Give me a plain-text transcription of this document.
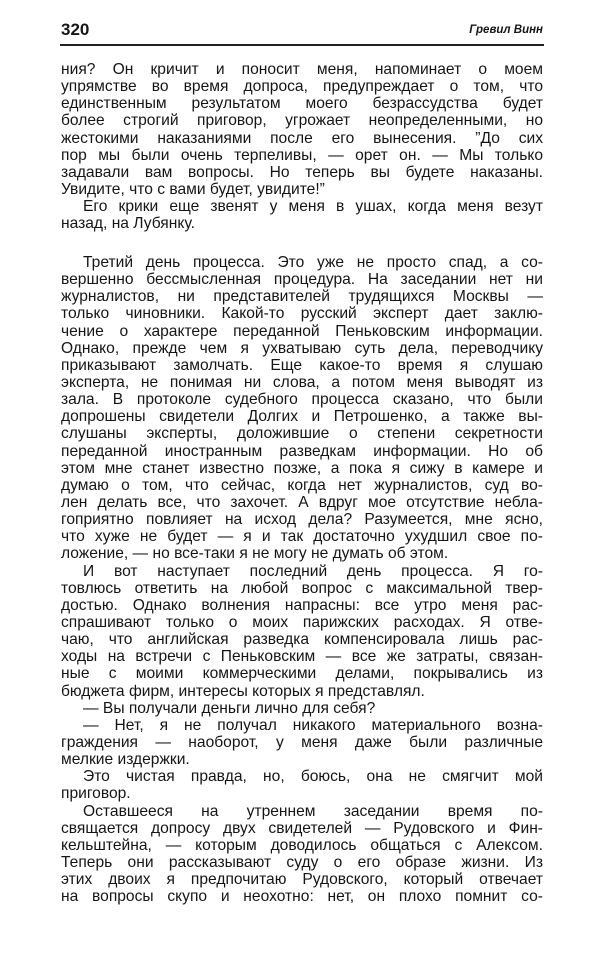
320	Гревил Винн
ния? Он кричит и поносит меня, напоминает о моем
упрямстве во время допроса, предупреждает о том, что
единственным результатом моего безрассудства будет
более строгий приговор, угрожает неопределенными, но
жестокими наказаниями после его вынесения. ”До сих
пор мы были очень терпеливы, — орет он. — Мы только
задавали вам вопросы. Но теперь вы будете наказаны.
Увидите, что с вами будет, увидите!”
Его крики еще звенят у меня в ушах, когда меня везут
назад, на Лубянку.
Третий день процесса. Это уже не просто спад, а со-
вершенно бессмысленная процедура. На заседании нет ни
журналистов, ни представителей трудящихся Москвы —
только чиновники. Какой-то русский эксперт дает заклю-
чение о характере переданной Пеньковским информации.
Однако, прежде чем я ухватываю суть дела, переводчику
приказывают замолчать. Еще какое-то время я слушаю
эксперта, не понимая ни слова, а потом меня выводят из
зала. В протоколе судебного процесса сказано, что были
допрошены свидетели Долгих и Петрошенко, а также вы-
слушаны эксперты, доложившие о степени секретности
переданной иностранным разведкам информации. Но об
этом мне станет известно позже, а пока я сижу в камере и
думаю о том, что сейчас, когда нет журналистов, суд во-
лен делать все, что захочет. А вдруг мое отсутствие небла-
гоприятно повлияет на исход дела? Разумеется, мне ясно,
что хуже не будет — я и так достаточно ухудшил свое по-
ложение, — но все-таки я не могу не думать об этом.
И вот наступает последний день процесса. Я го-
товлюсь ответить на любой вопрос с максимальной твер-
достью. Однако волнения напрасны: все утро меня рас-
спрашивают только о моих парижских расходах. Я отве-
чаю, что английская разведка компенсировала лишь рас-
ходы на встречи с Пеньковским — все же затраты, связан-
ные с моими коммерческими делами, покрывались из
бюджета фирм, интересы которых я представлял.
— Вы получали деньги лично для себя?
— Нет, я не получал никакого материального возна-
граждения — наоборот, у меня даже были различные
мелкие издержки.
Это чистая правда, но, боюсь, она не смягчит мой
приговор.
Оставшееся на утреннем заседании время по-
свящается допросу двух свидетелей — Рудовского и Фин-
кельштейна, — которым доводилось общаться с Алексом.
Теперь они рассказывают суду о его образе жизни. Из
этих двоих я предпочитаю Рудовского, который отвечает
на вопросы скупо и неохотно: нет, он плохо помнит со-
